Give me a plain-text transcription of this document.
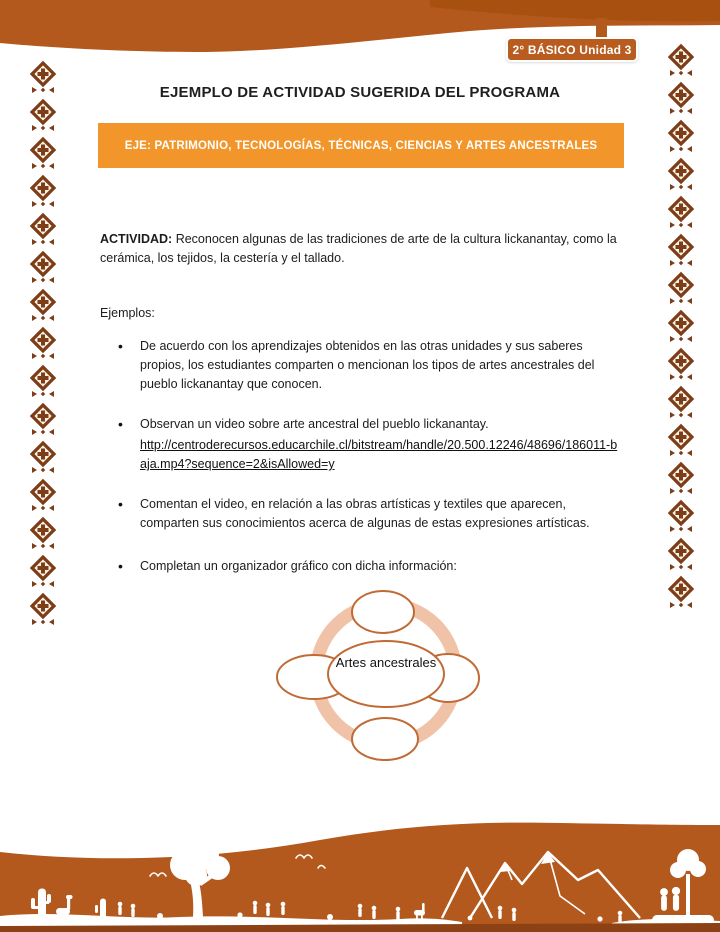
2° BÁSICO Unidad 3
EJEMPLO DE ACTIVIDAD SUGERIDA DEL PROGRAMA
EJE: PATRIMONIO, TECNOLOGÍAS, TÉCNICAS, CIENCIAS Y ARTES ANCESTRALES

ACTIVIDAD: Reconocen algunas de las tradiciones de arte de la cultura lickanantay, como la cerámica, los tejidos, la cestería y el tallado.

Ejemplos:
• De acuerdo con los aprendizajes obtenidos en las otras unidades y sus saberes propios, los estudiantes comparten o mencionan los tipos de artes ancestrales del pueblo lickanantay que conocen.
• Observan un video sobre arte ancestral del pueblo lickanantay.
http://centroderecursos.educarchile.cl/bitstream/handle/20.500.12246/48696/186011-baja.mp4?sequence=2&isAllowed=y
• Comentan el video, en relación a las obras artísticas y textiles que aparecen, comparten sus conocimientos acerca de algunas de estas expresiones artísticas.
• Completan un organizador gráfico con dicha información:
Artes ancestrales
